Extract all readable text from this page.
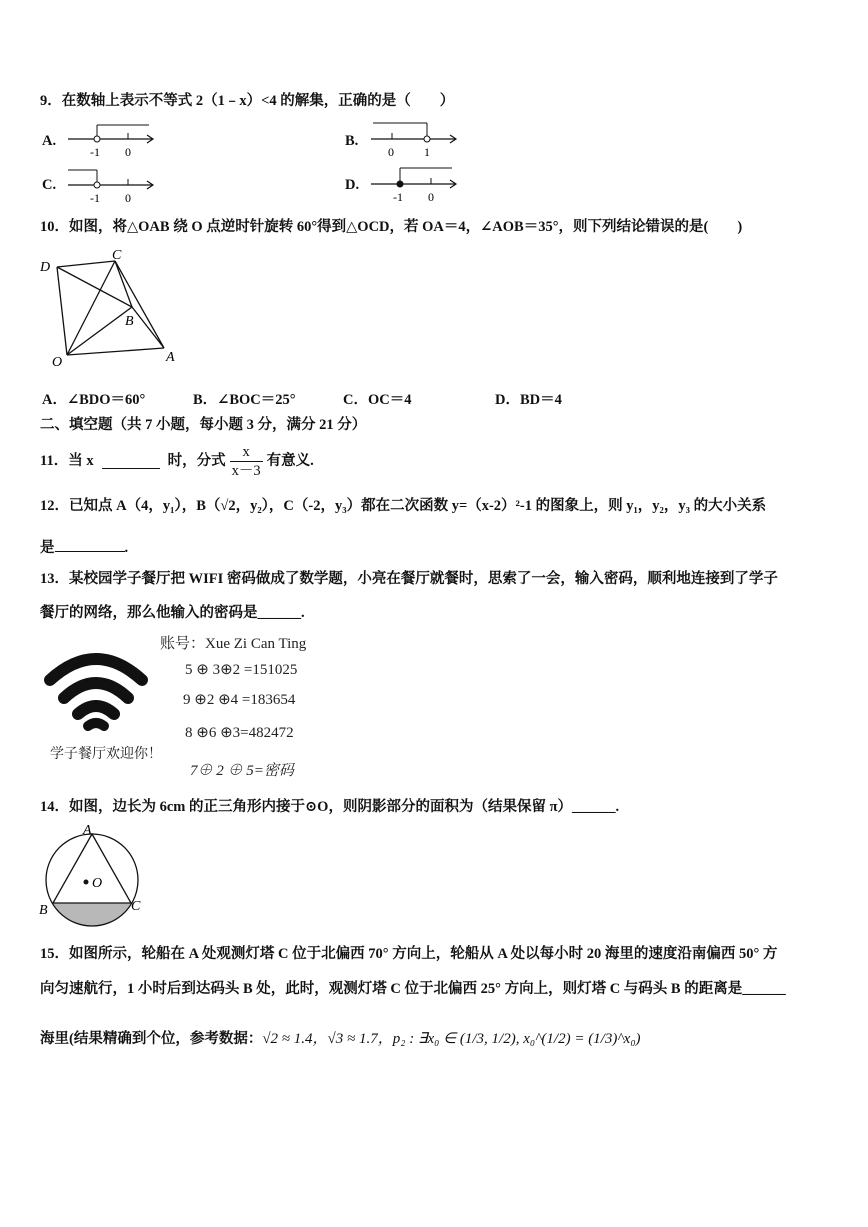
9．在数轴上表示不等式 2（1﹣x）<4 的解集，正确的是（　　）
A.
-1 0
B.
0	1
C.
-1 0
D.
-1 0
10．如图，将△OAB 绕 O 点逆时针旋转 60°得到△OCD，若 OA＝4，∠AOB＝35°，则下列结论错误的是(　　)
D
C
B
O	A
A．∠BDO＝60°	B．∠BOC＝25°	C．OC＝4	D．BD＝4
二、填空题（共 7 小题，每小题 3 分，满分 21 分）
11．当 x	时，分式 $\frac{x}{x-3}$ 有意义.
12．已知点 A（4，y₁），B（√2，y₂），C（-2，y₃）都在二次函数 y=（x-2）²-1 的图象上，则 y₁，y₂，y₃ 的大小关系
是	.
13．某校园学子餐厅把 WIFI 密码做成了数学题，小亮在餐厅就餐时，思索了一会，输入密码，顺利地连接到了学子
餐厅的网络，那么他输入的密码是______.
学子餐厅欢迎你！
账号：Xue Zi Can Ting
5 ⊕ 3⊕2 =151025
9 ⊕2 ⊕4 =183654
8 ⊕6 ⊕3=482472
7⊕ 2 ⊕ 5=密码
14．如图，边长为 6cm 的正三角形内接于⊙O，则阴影部分的面积为（结果保留 π）______.
A
O
B	C
15．如图所示，轮船在 A 处观测灯塔 C 位于北偏西 70° 方向上，轮船从 A 处以每小时 20 海里的速度沿南偏西 50° 方
向匀速航行，1 小时后到达码头 B 处，此时，观测灯塔 C 位于北偏西 25° 方向上，则灯塔 C 与码头 B 的距离是______
海里(结果精确到个位，参考数据：√2 ≈ 1.4，√3 ≈ 1.7，p₂ : ∃x₀ ∈ (1/3, 1/2), x₀^(1/2) = (1/3)^x₀)
